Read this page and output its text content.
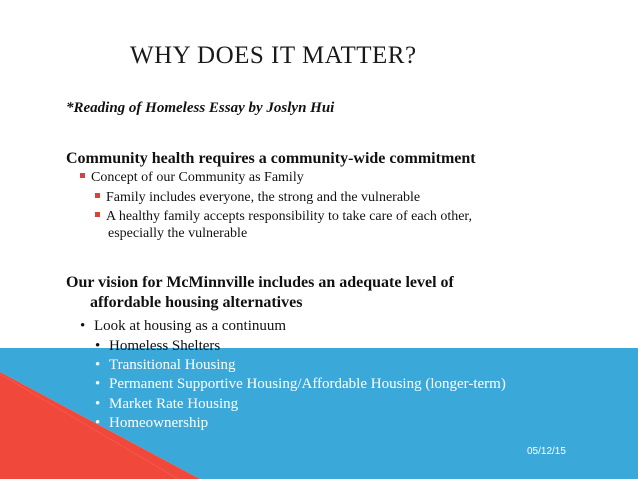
WHY DOES IT MATTER?
*Reading of Homeless Essay by Joslyn Hui
Community health requires a community-wide commitment
Concept of our Community as Family
Family includes everyone, the strong and the vulnerable
A healthy family accepts responsibility to take care of each other,
especially the vulnerable
Our vision for McMinnville includes an adequate level of
affordable housing alternatives
• Look at housing as a continuum
• Homeless Shelters
• Transitional Housing
• Permanent Supportive Housing/Affordable Housing (longer-term)
• Market Rate Housing
• Homeownership
05/12/15
